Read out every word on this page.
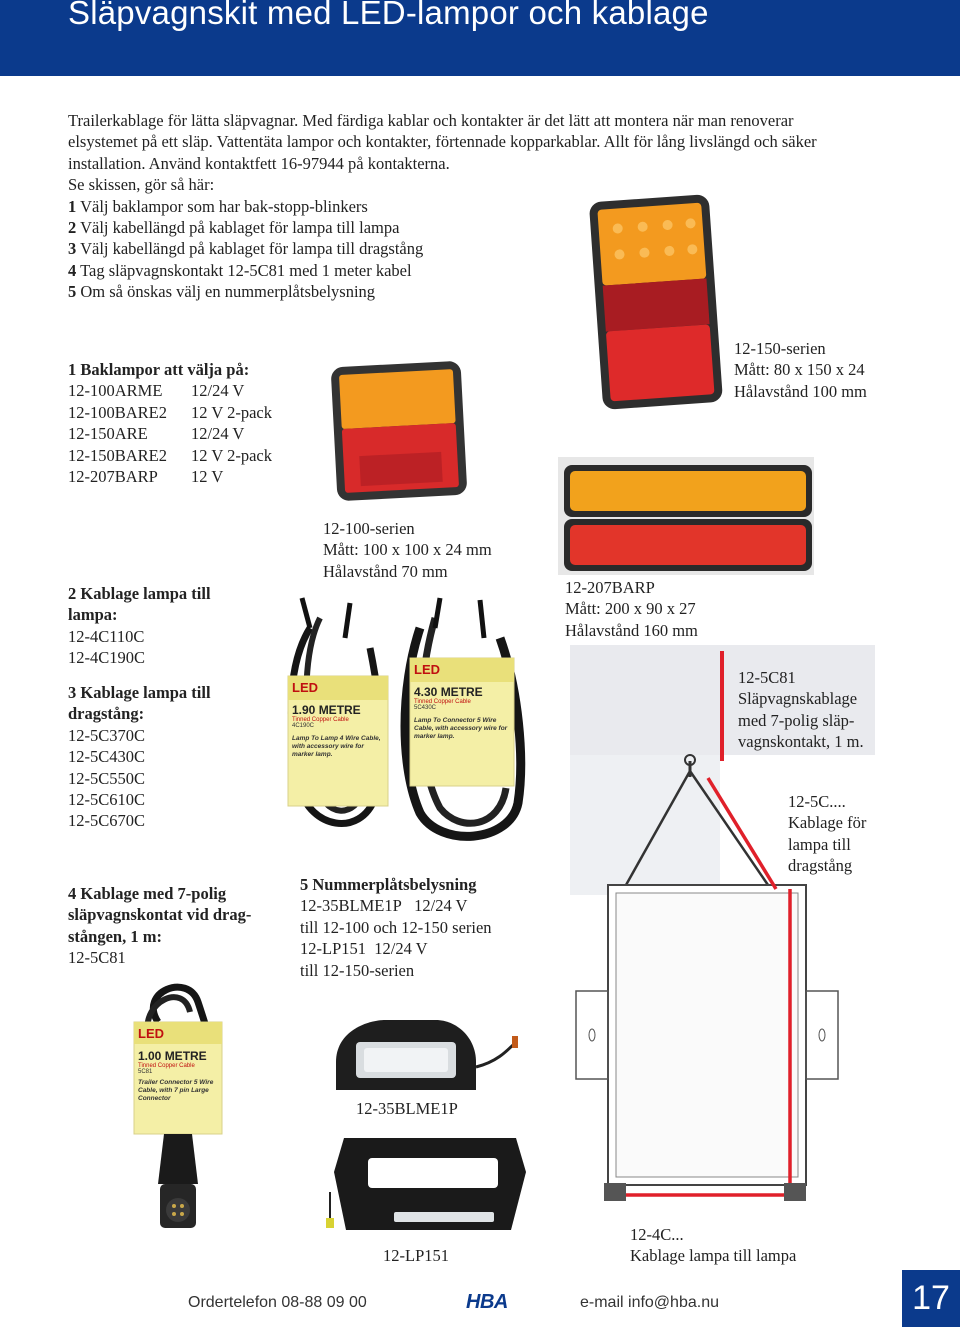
Släpvagnskit med LED-lampor och kablage

Trailerkablage för lätta släpvagnar. Med färdiga kablar och kontakter är det lätt att montera när man renoverar

elsystemet på ett släp. Vattentäta lampor och kontakter, förtennade kopparkablar. Allt för lång livslängd och säker

installation. Använd kontaktfett 16-97944 på kontakterna.

Se skissen, gör så här:

1 Välj baklampor som har bak-stopp-blinkers

2 Välj kabellängd på kablaget för lampa till lampa

3 Välj kabellängd på kablaget för lampa till dragstång

4 Tag släpvagnskontakt 12-5C81 med 1 meter kabel

5 Om så önskas välj en nummerplåtsbelysning

12-150-serien
Mått: 80 x 150 x 24
Hålavstånd 100 mm
1 Baklampor att välja på:
12-100ARME	12/24 V
12-100BARE2	12 V 2-pack
12-150ARE	12/24 V
12-150BARE2	12 V 2-pack
12-207BARP	12 V
12-100-serien
Mått: 100 x 100 x 24 mm
Hålavstånd 70 mm
12-207BARP
Mått: 200 x 90 x 27
Hålavstånd 160 mm
2 Kablage lampa till
lampa:
12-4C110C
12-4C190C
3 Kablage lampa till
dragstång:
12-5C370C
12-5C430C
12-5C550C
12-5C610C
12-5C670C
LED
1.90 METRE
Tinned Copper Cable
4C190C
Lamp To Lamp 4 Wire Cable, with accessory wire for marker lamp.
LED
4.30 METRE
Tinned Copper Cable
5C430C
Lamp To Connector 5 Wire Cable, with accessory wire for marker lamp.
12-5C81
Släpvagnskablage
med 7-polig släp-
vagnskontakt, 1 m.
12-5C....
Kablage för
lampa till
dragstång
5 Nummerplåtsbelysning
12-35BLME1P 12/24 V
till 12-100 och 12-150 serien
12-LP151 12/24 V
till 12-150-serien
4 Kablage med 7-polig
släpvagnskontat vid drag-
stången, 1 m:
12-5C81
LED
1.00 METRE
Tinned Copper Cable
5C81
Trailer Connector 5 Wire Cable, with 7 pin Large Connector
12-35BLME1P
12-LP151
12-4C...
Kablage lampa till lampa
Ordertelefon 08-88 09 00	HBA	e-mail info@hba.nu	17
